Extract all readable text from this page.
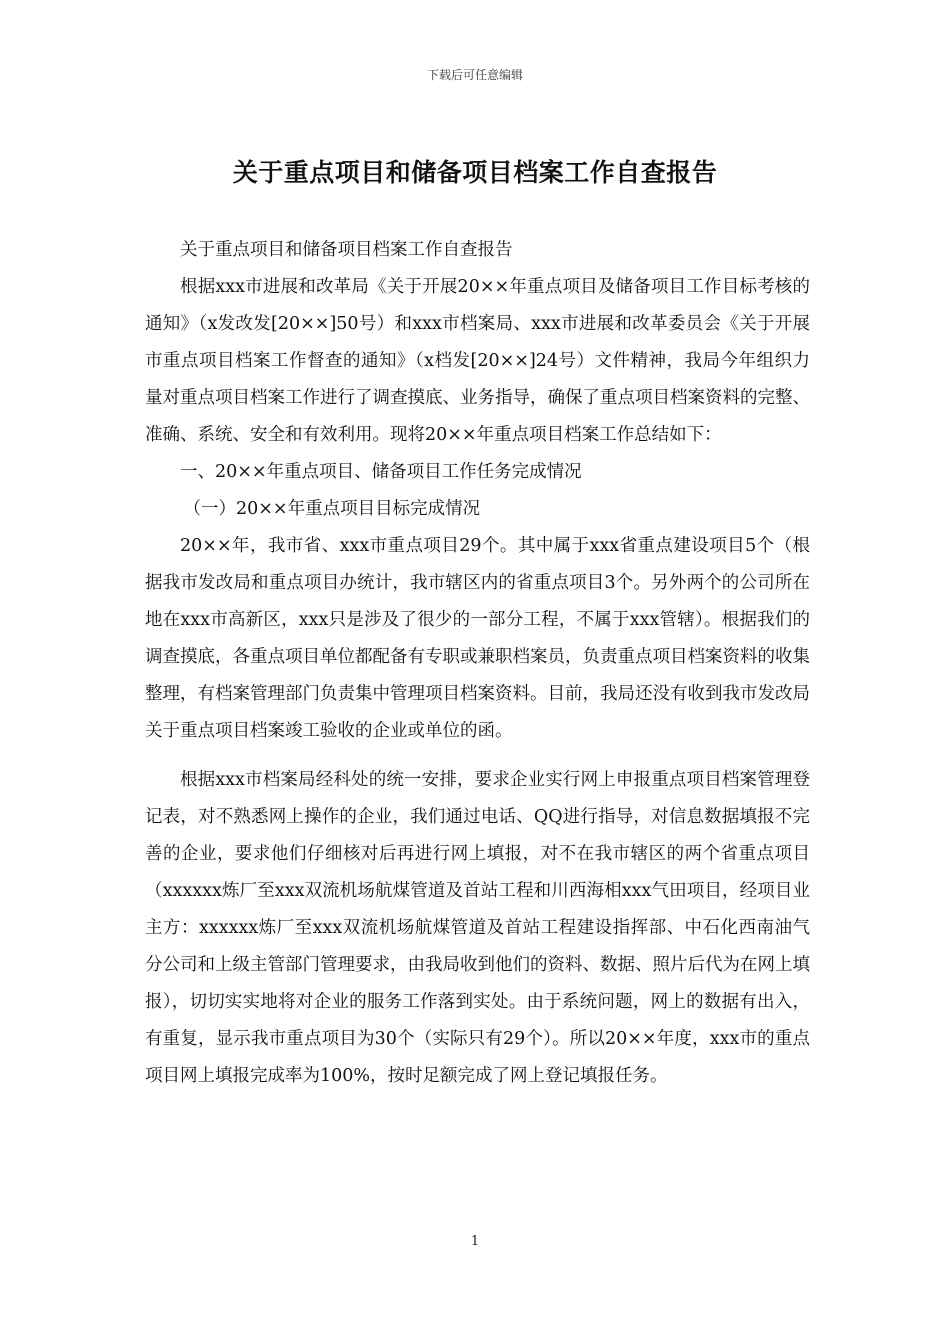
下载后可任意编辑
关于重点项目和储备项目档案工作自查报告

关于重点项目和储备项目档案工作自查报告

根据xxx市进展和改革局《关于开展20××年重点项目及储备项目工作目标考核的通知》（x发改发[20××]50号）和xxx市档案局、xxx市进展和改革委员会《关于开展市重点项目档案工作督查的通知》（x档发[20××]24号）文件精神，我局今年组织力量对重点项目档案工作进行了调查摸底、业务指导，确保了重点项目档案资料的完整、准确、系统、安全和有效利用。现将20××年重点项目档案工作总结如下：

一、20××年重点项目、储备项目工作任务完成情况

（一）20××年重点项目目标完成情况

20××年，我市省、xxx市重点项目29个。其中属于xxx省重点建设项目5个（根据我市发改局和重点项目办统计，我市辖区内的省重点项目3个。另外两个的公司所在地在xxx市高新区，xxx只是涉及了很少的一部分工程，不属于xxx管辖）。根据我们的调查摸底，各重点项目单位都配备有专职或兼职档案员，负责重点项目档案资料的收集整理，有档案管理部门负责集中管理项目档案资料。目前，我局还没有收到我市发改局关于重点项目档案竣工验收的企业或单位的函。

根据xxx市档案局经科处的统一安排，要求企业实行网上申报重点项目档案管理登记表，对不熟悉网上操作的企业，我们通过电话、QQ进行指导，对信息数据填报不完善的企业，要求他们仔细核对后再进行网上填报，对不在我市辖区的两个省重点项目（xxxxxx炼厂至xxx双流机场航煤管道及首站工程和川西海相xxx气田项目，经项目业主方：xxxxxx炼厂至xxx双流机场航煤管道及首站工程建设指挥部、中石化西南油气分公司和上级主管部门管理要求，由我局收到他们的资料、数据、照片后代为在网上填报），切切实实地将对企业的服务工作落到实处。由于系统问题，网上的数据有出入，有重复，显示我市重点项目为30个（实际只有29个）。所以20××年度，xxx市的重点项目网上填报完成率为100%，按时足额完成了网上登记填报任务。

1
